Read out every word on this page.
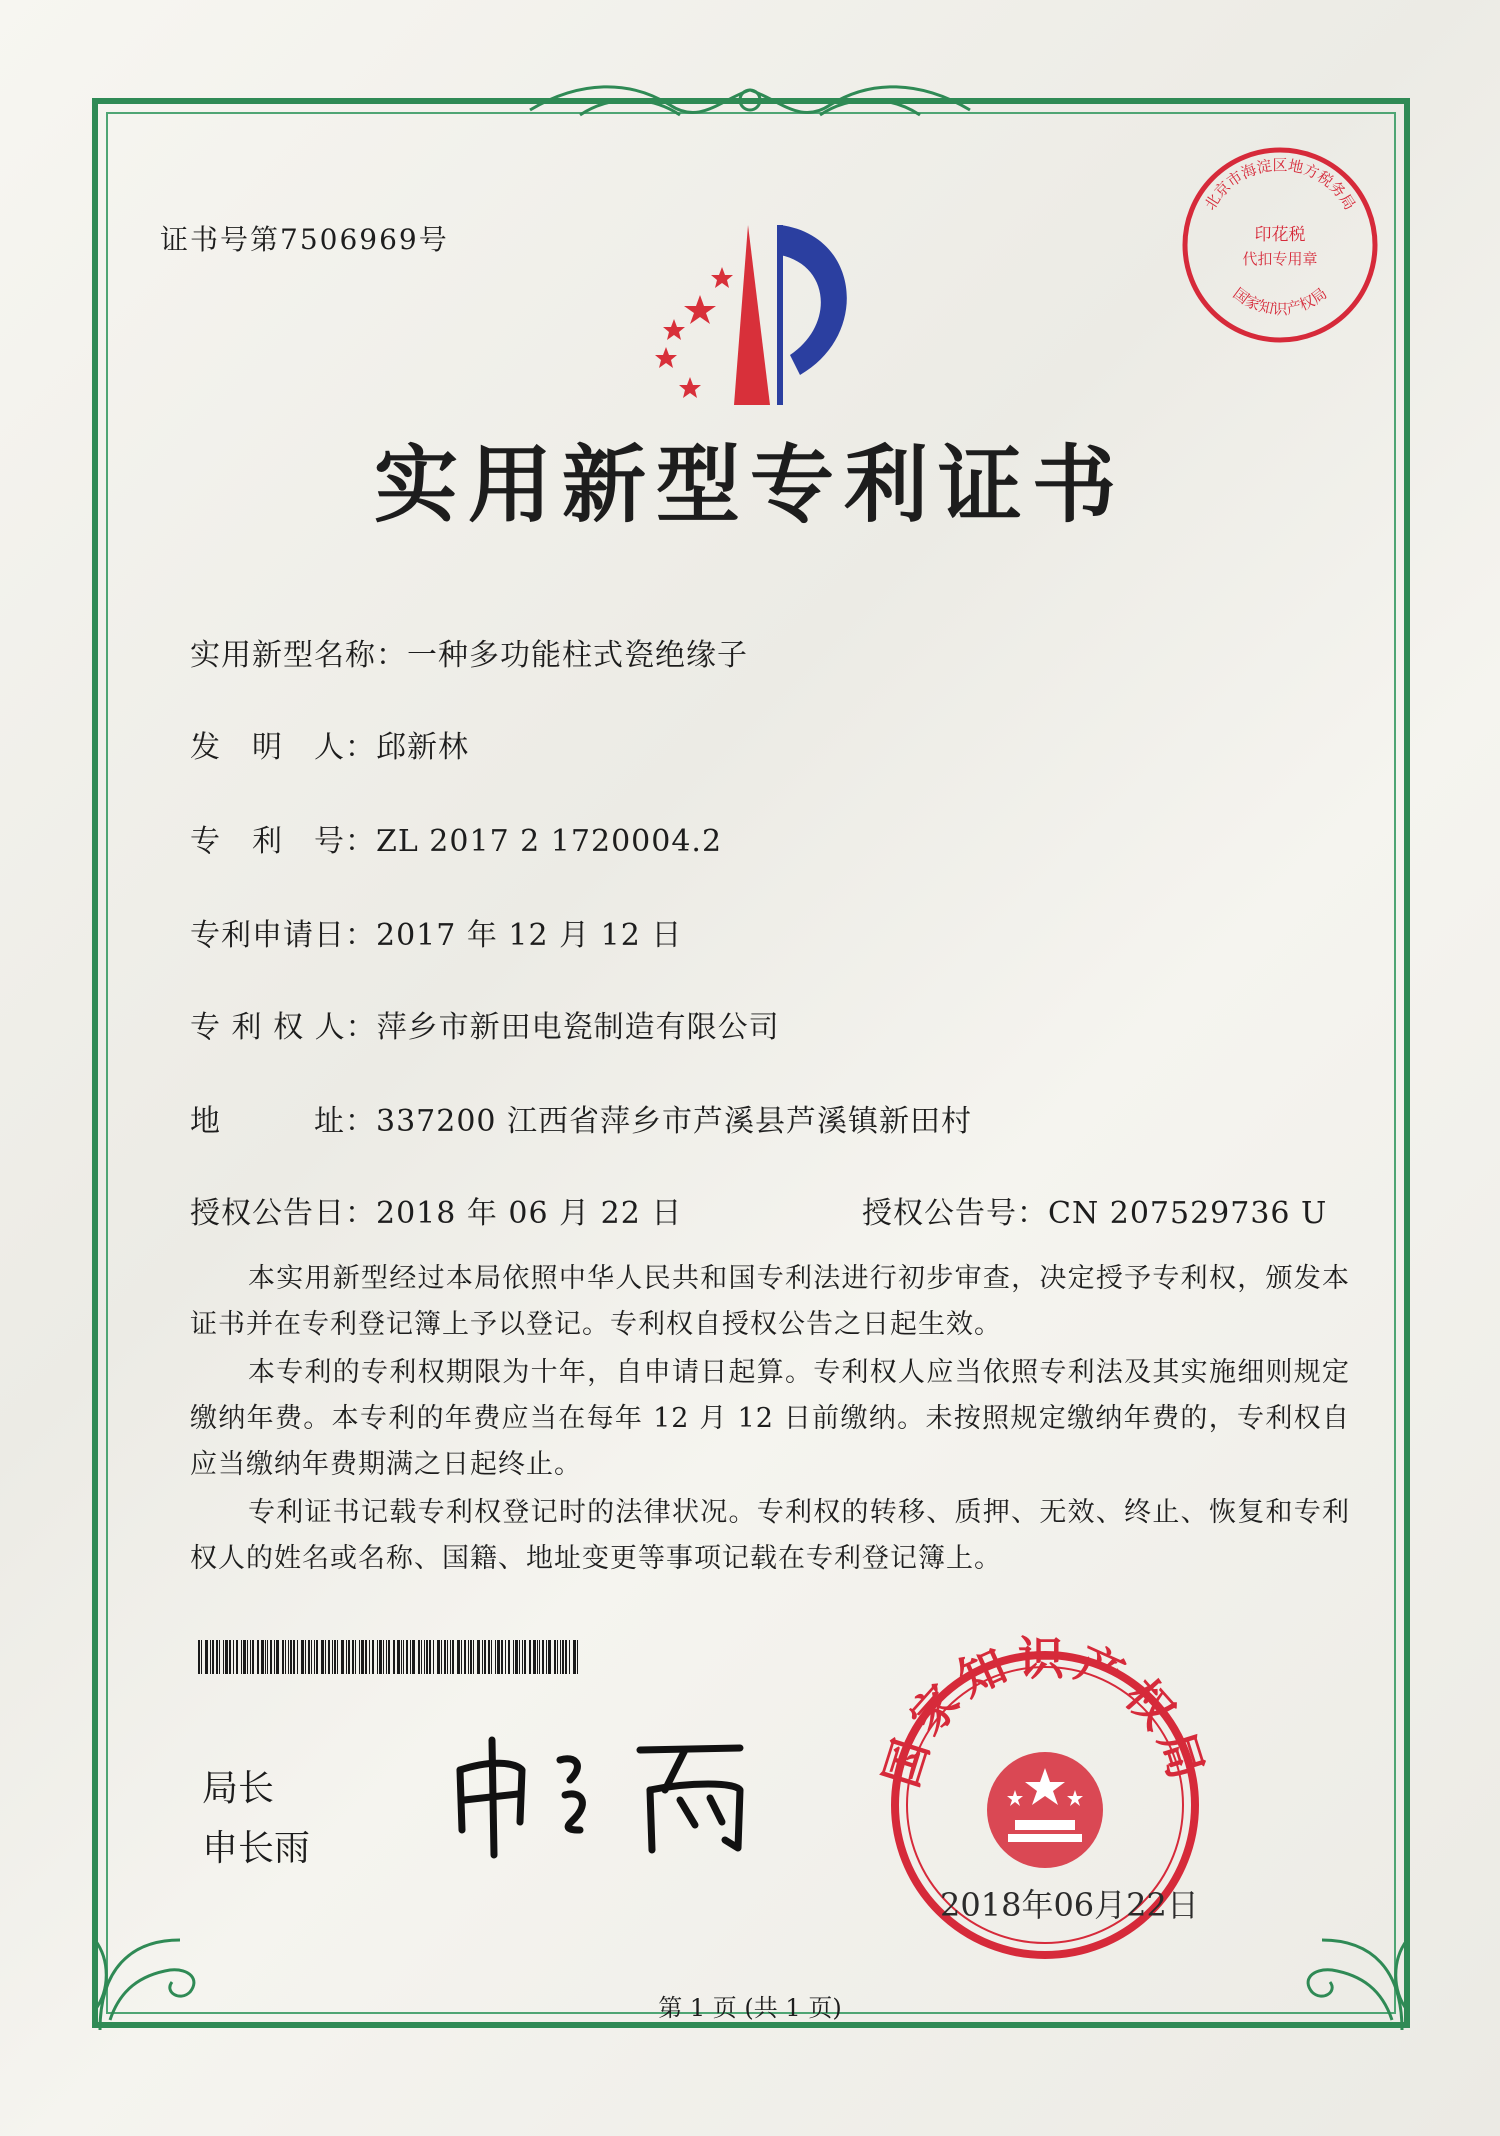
证书号第7506969号
北京市海淀区地方税务局
印花税
代扣专用章
国家知识产权局
实用新型专利证书
实用新型名称：一种多功能柱式瓷绝缘子
发　明　人：邱新林
专　利　号：ZL 2017 2 1720004.2
专利申请日：2017 年 12 月 12 日
专 利 权 人：萍乡市新田电瓷制造有限公司
地　　　址：337200 江西省萍乡市芦溪县芦溪镇新田村
授权公告日：2018 年 06 月 22 日	授权公告号：CN 207529736 U

本实用新型经过本局依照中华人民共和国专利法进行初步审查，决定授予专利权，颁发本证书并在专利登记簿上予以登记。专利权自授权公告之日起生效。

本专利的专利权期限为十年，自申请日起算。专利权人应当依照专利法及其实施细则规定缴纳年费。本专利的年费应当在每年 12 月 12 日前缴纳。未按照规定缴纳年费的，专利权自应当缴纳年费期满之日起终止。

专利证书记载专利权登记时的法律状况。专利权的转移、质押、无效、终止、恢复和专利权人的姓名或名称、国籍、地址变更等事项记载在专利登记簿上。

局长
申长雨
国家知识产权局
2018年06月22日
第 1 页 (共 1 页)
